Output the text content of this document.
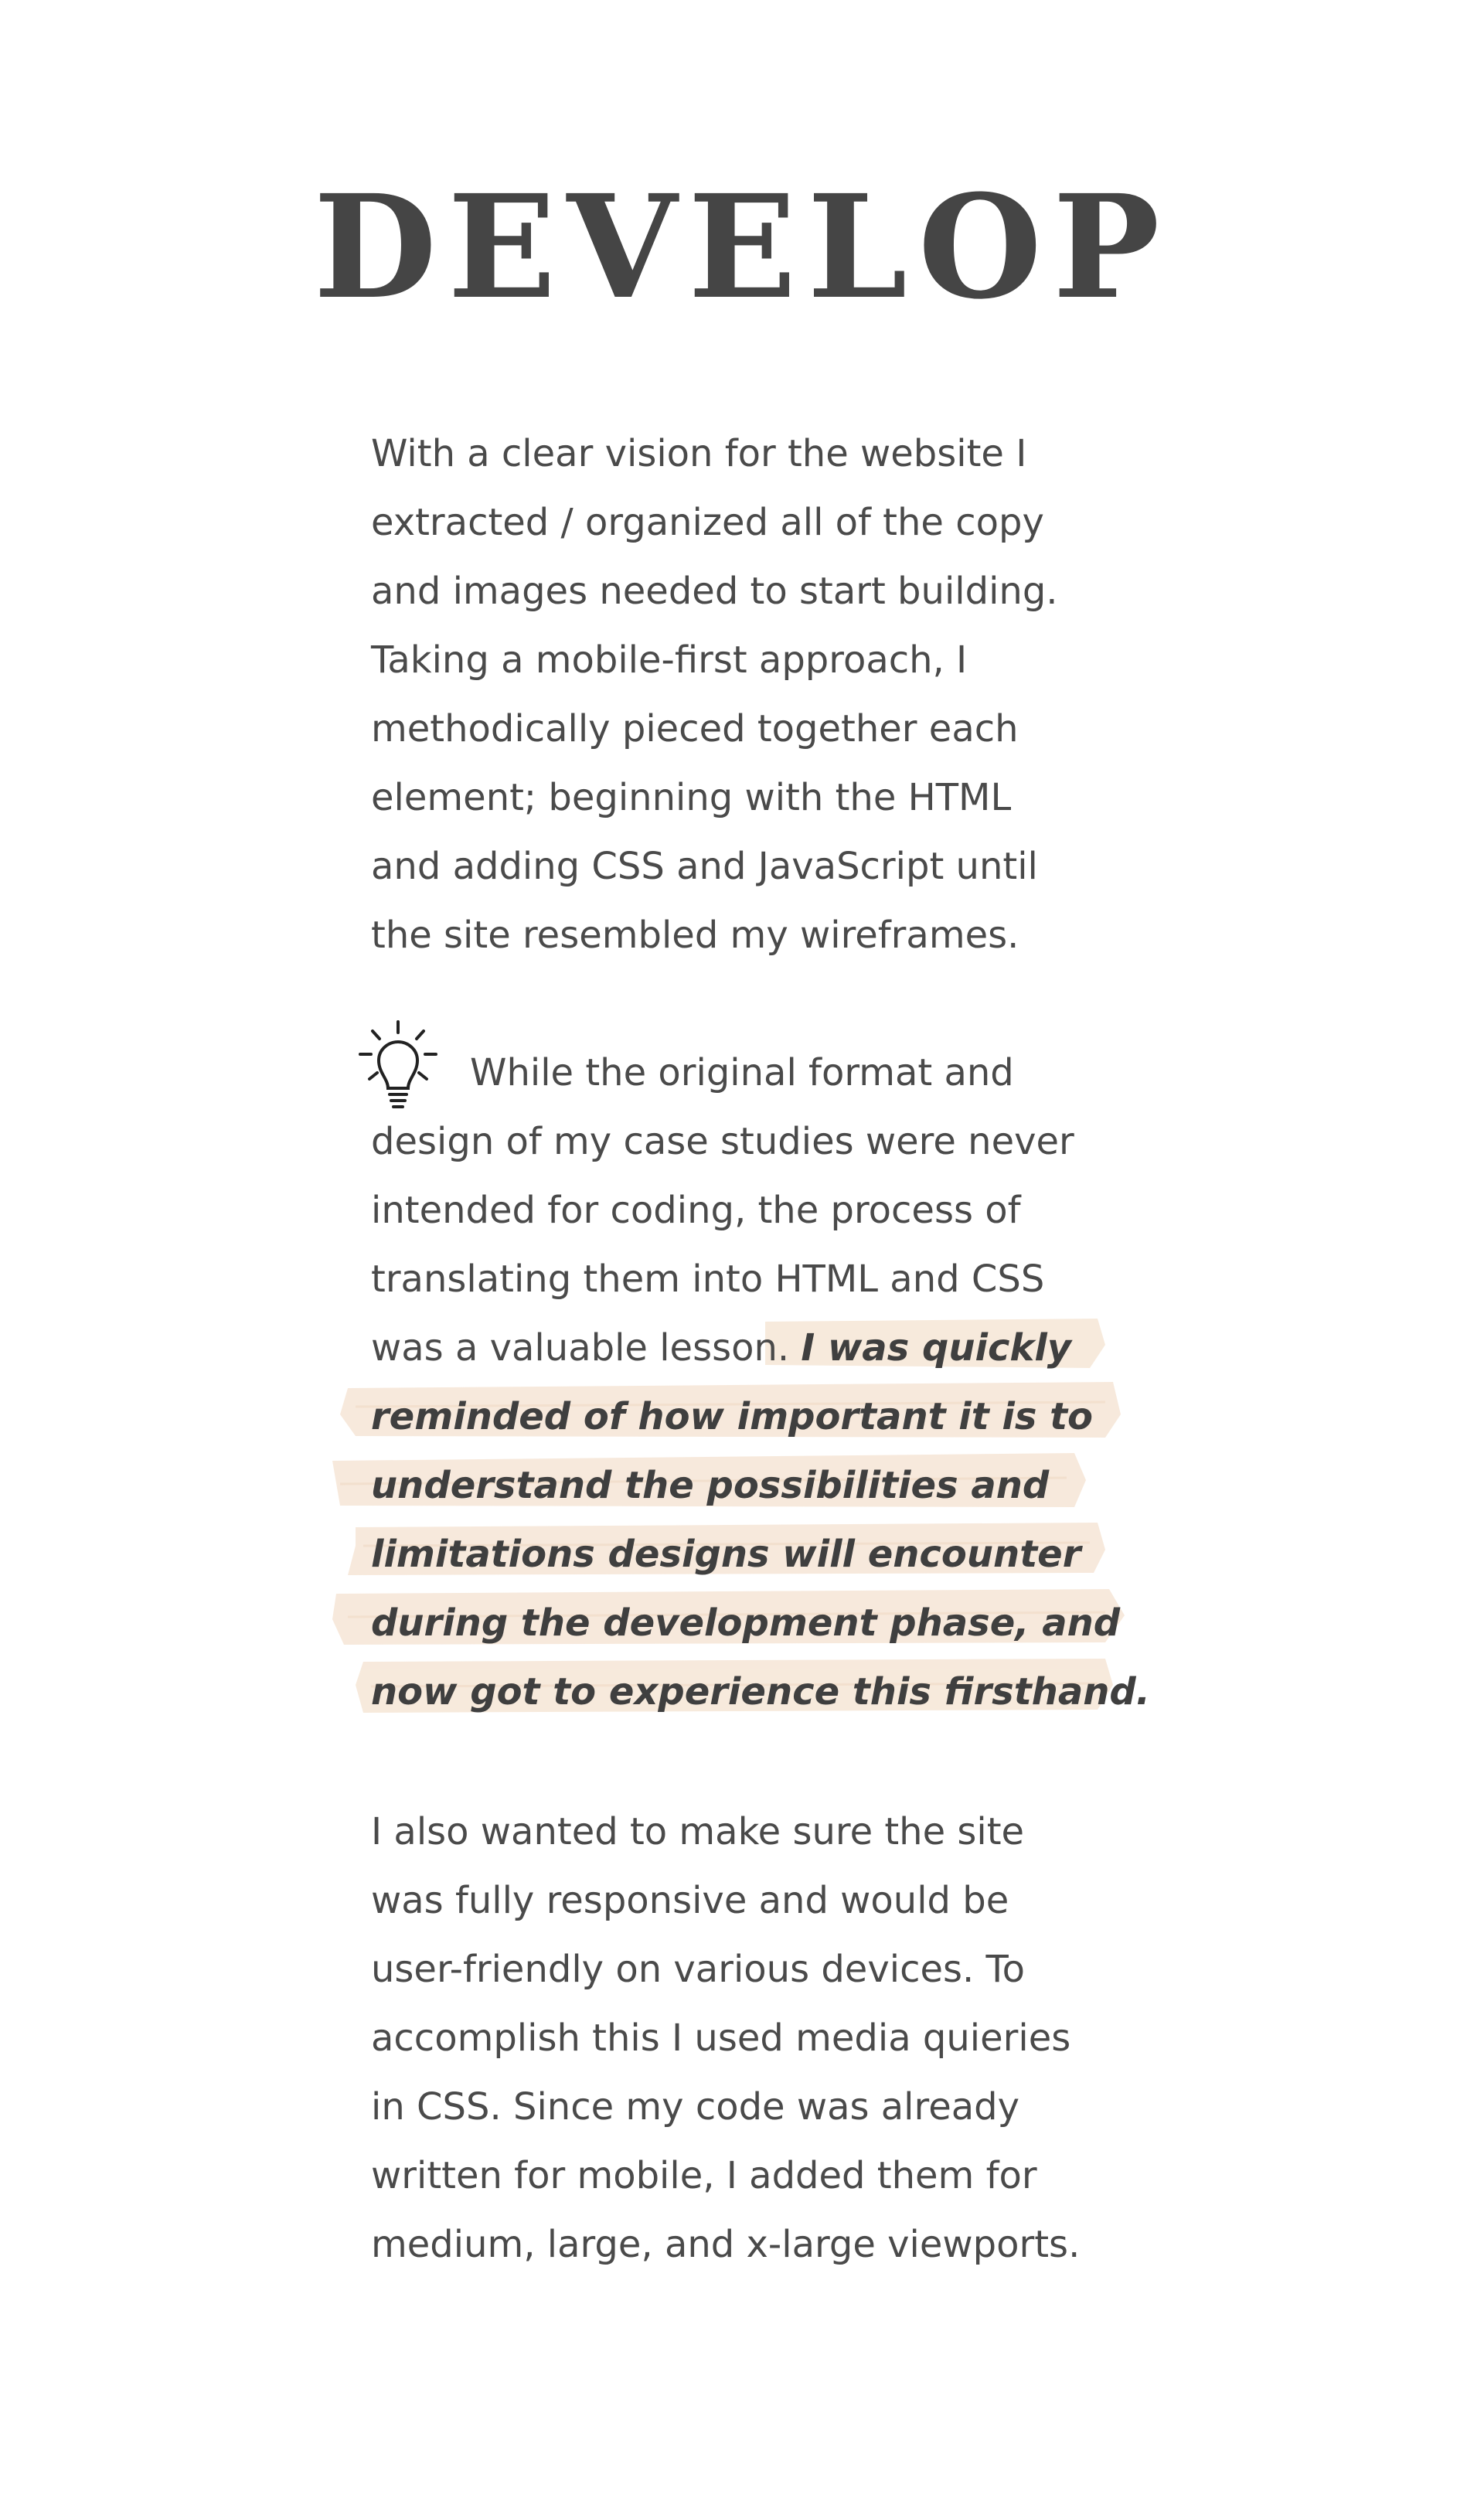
DEVELOP

With a clear vision for the website I
extracted / organized all of the copy
and images needed to start building.
Taking a mobile-first approach, I
methodically pieced together each
element; beginning with the HTML
and adding CSS and JavaScript until
the site resembled my wireframes.

While the original format and
design of my case studies were never
intended for coding, the process of
translating them into HTML and CSS
was a valuable lesson. I was quickly
reminded of how important it is to
understand the possibilities and
limitations designs will encounter
during the development phase, and
now got to experience this firsthand.

I also wanted to make sure the site
was fully responsive and would be
user-friendly on various devices. To
accomplish this I used media quieries
in CSS. Since my code was already
written for mobile, I added them for
medium, large, and x-large viewports.
